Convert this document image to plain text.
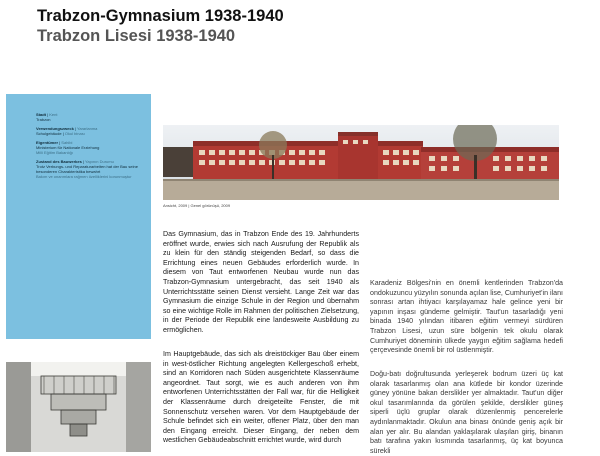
Trabzon-Gymnasium 1938-1940
Trabzon Lisesi 1938-1940
Stadt | Kent
Trabzon
Verwendungszweck | Yararlanma
Schulgebäude | Okul binası
Eigentümer | Sahibi
Ministerium für Nationale Erziehung
Milli Eğitim Bakanlığı
Zustand des Bauwerkes | Yapının Durumu
Trotz Verbungs- und Reparaturarbeiten hat der Bau seine besonderen Charakteristika bewahrt
Bakım ve onarımlara rağmen özelliklerini korunmuştur
Ansicht, 2009 | Genel görünüşü, 2009
Das Gymnasium, das in Trabzon Ende des 19. Jahrhunderts eröffnet wurde, erwies sich nach Ausrufung der Republik als zu klein für den ständig steigenden Bedarf, so dass die Errichtung eines neuen Gebäudes erforderlich wurde. In diesem von Taut entworfenen Neubau wurde nun das Trabzon-Gymnasium untergebracht, das seit 1940 als Unterrichtsstätte seinen Dienst versieht. Lange Zeit war das Gymnasium die einzige Schule in der Region und übernahm so eine wichtige Rolle im Rahmen der politischen Zielsetzung, in der Periode der Republik eine landesweite Ausbildung zu ermöglichen.
Im Hauptgebäude, das sich als dreistöckiger Bau über einem in west-östlicher Richtung angelegten Kellergeschoß erhebt, sind an Korridoren nach Süden ausgerichtete Klassenräume angeordnet. Taut sorgt, wie es auch anderen von ihm entworfenen Unterrichtsstätten der Fall war, für die Helligkeit der Klassenräume durch dreigeteilte Fenster, die mit Sonnenschutz versehen waren. Vor dem Hauptgebäude der Schule befindet sich ein weiter, offener Platz, über den man den Eingang erreicht. Dieser Eingang, der neben dem westlichen Gebäudeabschnitt errichtet wurde, wird durch
Karadeniz Bölgesi'nin en önemli kentlerinden Trabzon'da ondokuzuncu yüzyılın sonunda açılan lise, Cumhuriyet'in ilanı sonrası artan ihtiyacı karşılayamaz hale gelince yeni bir yapının inşası gündeme gelmiştir. Taut'un tasarladığı yeni binada 1940 yılından itibaren eğitim vermeyi sürdüren Trabzon Lisesi, uzun süre bölgenin tek okulu olarak Cumhuriyet döneminin ülkede yaygın eğitim sağlama hedefi çerçevesinde önemli bir rol üstlenmiştir.
Doğu-batı doğrultusunda yerleşerek bodrum üzeri üç kat olarak tasarlanmış olan ana kütlede bir kondor üzerinde güney yönüne bakan derslikler yer almaktadır. Taut'un diğer okul tasarımlarında da görülen şekilde, derslikler güneş siperli üçlü gruplar olarak düzenlenmiş pencerelerle aydınlanmaktadır. Okulun ana binası önünde geniş açık bir alan yer alır. Bu alandan yaklaşılarak ulaşılan giriş, binanın batı tarafına yakın kısmında tasarlanmış, üç kat boyunca sürekli
